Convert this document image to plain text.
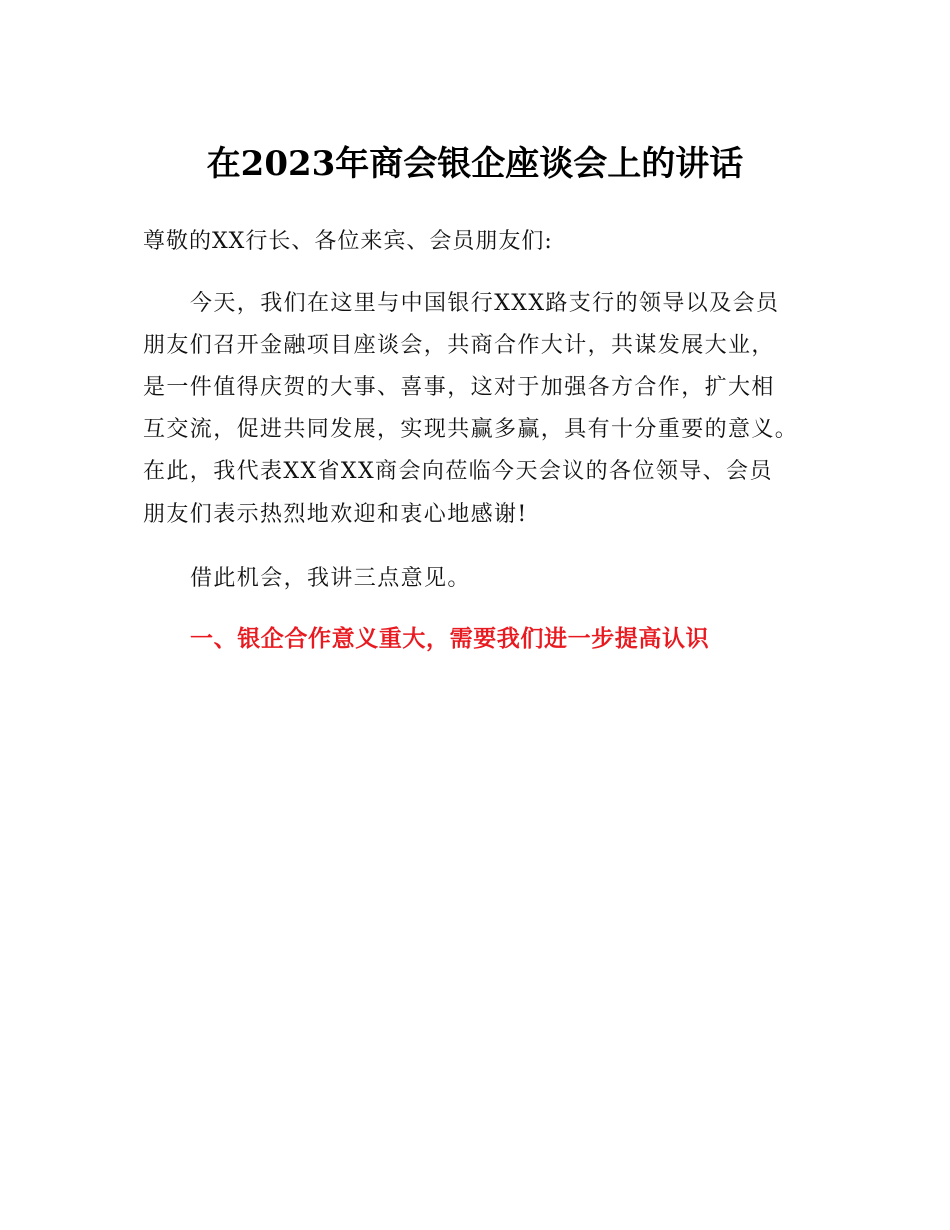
在2023年商会银企座谈会上的讲话
尊敬的XX行长、各位来宾、会员朋友们:
今天，我们在这里与中国银行XXX路支行的领导以及会员
朋友们召开金融项目座谈会，共商合作大计，共谋发展大业，
是一件值得庆贺的大事、喜事，这对于加强各方合作，扩大相
互交流，促进共同发展，实现共赢多赢，具有十分重要的意义。
在此，我代表XX省XX商会向莅临今天会议的各位领导、会员
朋友们表示热烈地欢迎和衷心地感谢!
借此机会，我讲三点意见。
一、银企合作意义重大，需要我们进一步提高认识
